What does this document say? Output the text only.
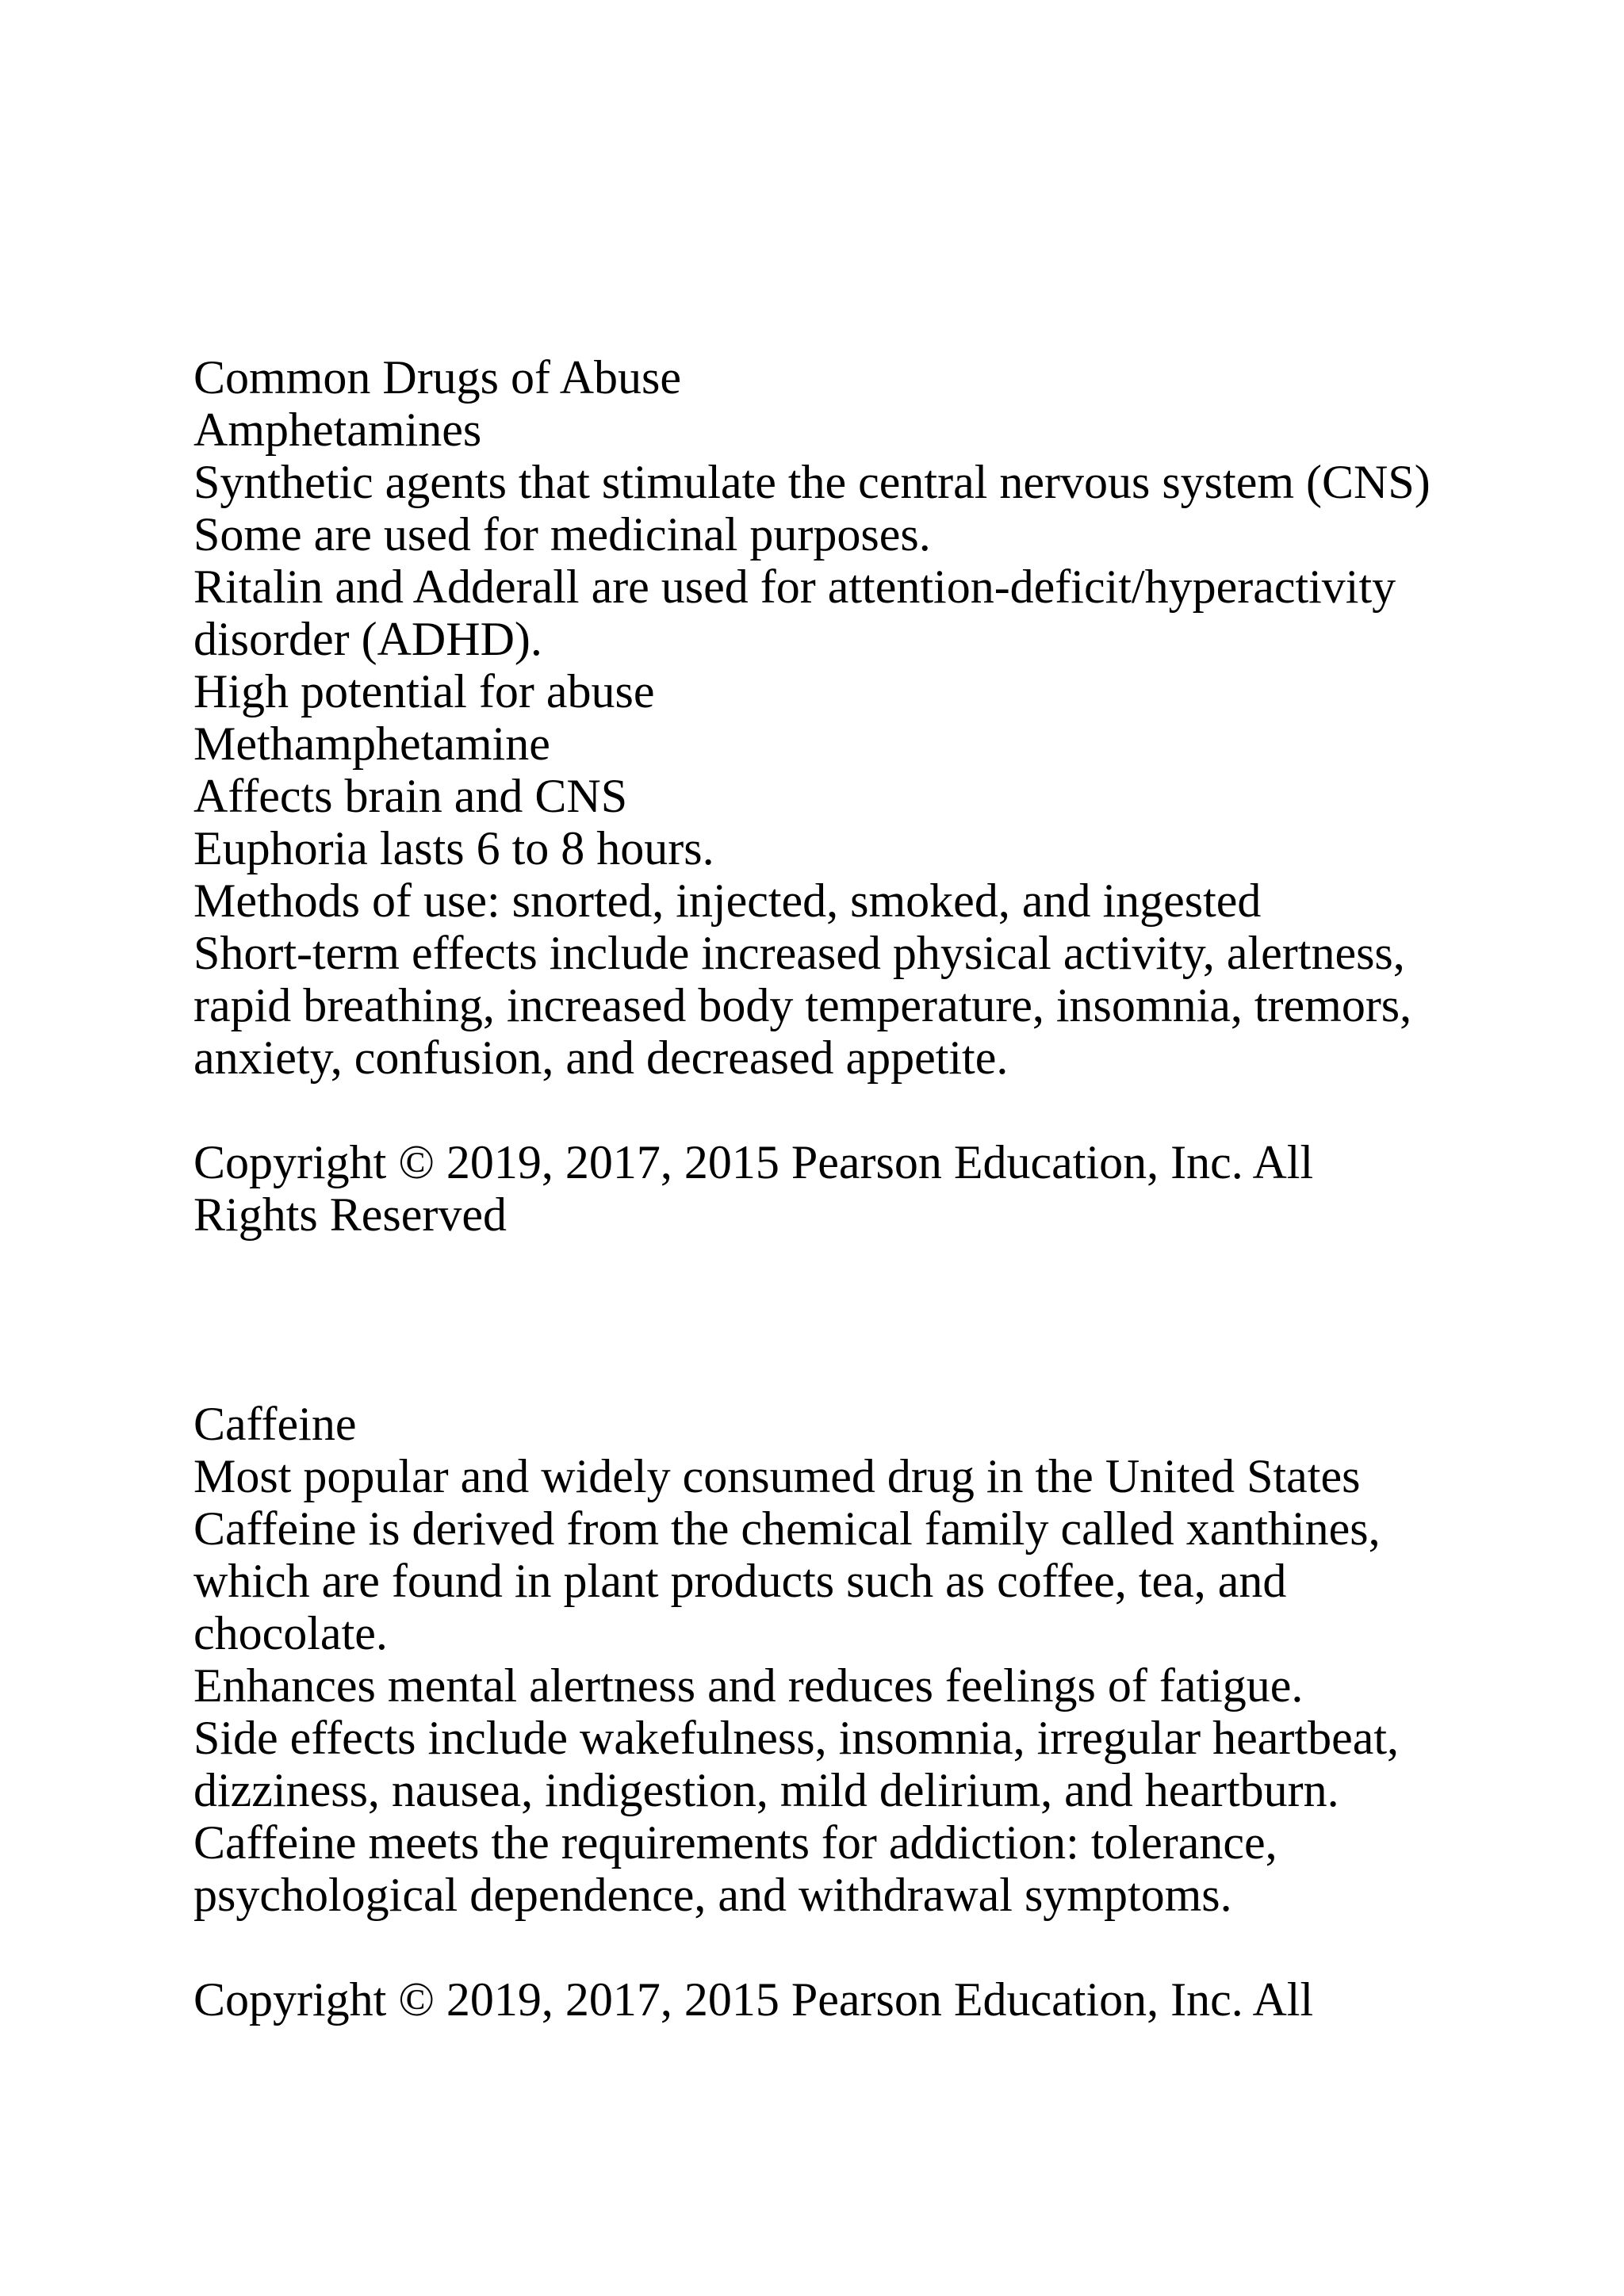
Common Drugs of Abuse

Amphetamines

Synthetic agents that stimulate the central nervous system (CNS)

Some are used for medicinal purposes.

Ritalin and Adderall are used for attention-deficit/hyperactivity disorder (ADHD).

High potential for abuse

Methamphetamine

Affects brain and CNS

Euphoria lasts 6 to 8 hours.

Methods of use: snorted, injected, smoked, and ingested

Short-term effects include increased physical activity, alertness, rapid breathing, increased body temperature, insomnia, tremors, anxiety, confusion, and decreased appetite.

Copyright © 2019, 2017, 2015 Pearson Education, Inc. All Rights Reserved

Caffeine

Most popular and widely consumed drug in the United States

Caffeine is derived from the chemical family called xanthines, which are found in plant products such as coffee, tea, and chocolate.

Enhances mental alertness and reduces feelings of fatigue.

Side effects include wakefulness, insomnia, irregular heartbeat, dizziness, nausea, indigestion, mild delirium, and heartburn.

Caffeine meets the requirements for addiction: tolerance, psychological dependence, and withdrawal symptoms.

Copyright © 2019, 2017, 2015 Pearson Education, Inc. All
